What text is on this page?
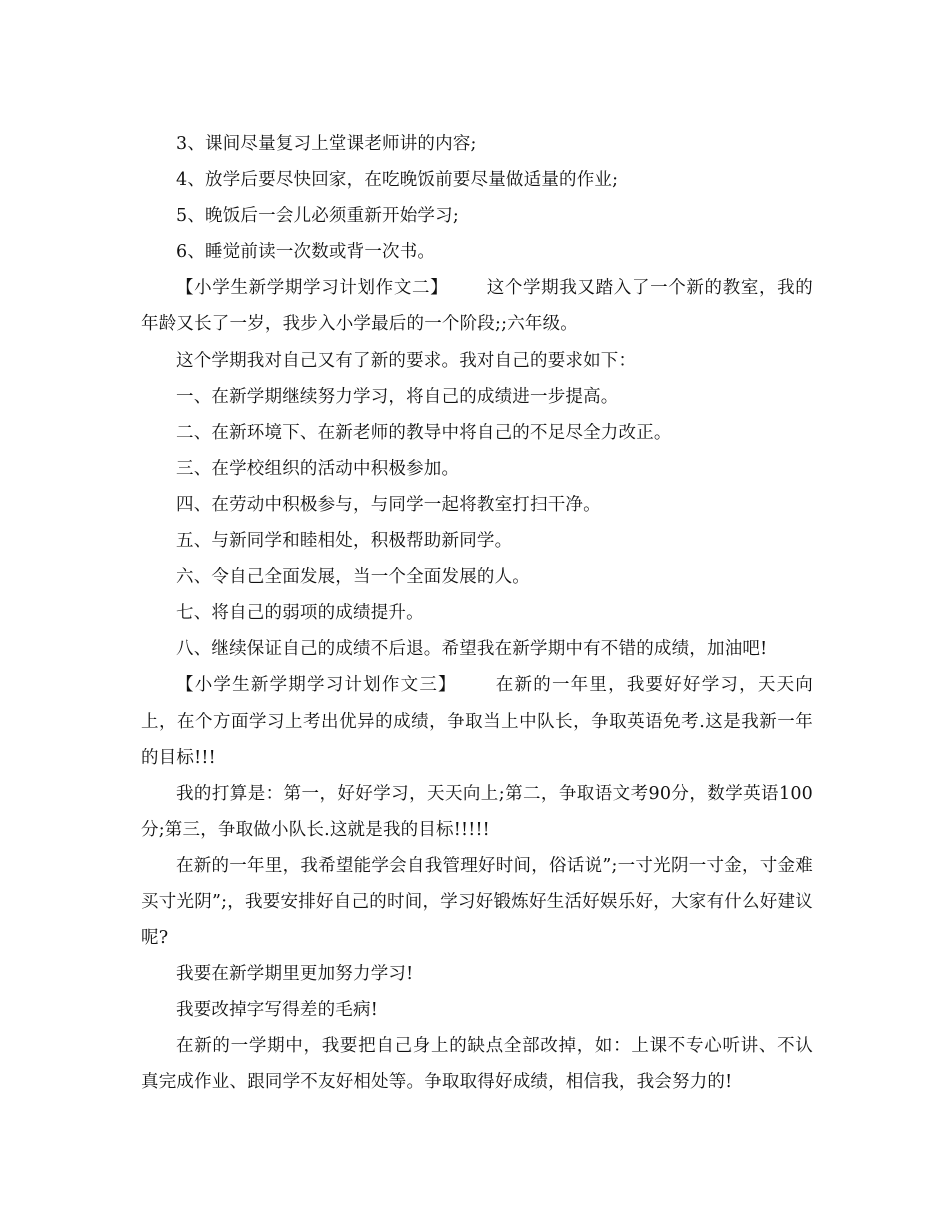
3、课间尽量复习上堂课老师讲的内容;

4、放学后要尽快回家，在吃晚饭前要尽量做适量的作业;

5、晚饭后一会儿必须重新开始学习;

6、睡觉前读一次数或背一次书。

【小学生新学期学习计划作文二】 这个学期我又踏入了一个新的教室，我的年龄又长了一岁，我步入小学最后的一个阶段;;六年级。

这个学期我对自己又有了新的要求。我对自己的要求如下：

一、在新学期继续努力学习，将自己的成绩进一步提高。

二、在新环境下、在新老师的教导中将自己的不足尽全力改正。

三、在学校组织的活动中积极参加。

四、在劳动中积极参与，与同学一起将教室打扫干净。

五、与新同学和睦相处，积极帮助新同学。

六、令自己全面发展，当一个全面发展的人。

七、将自己的弱项的成绩提升。

八、继续保证自己的成绩不后退。希望我在新学期中有不错的成绩，加油吧!

【小学生新学期学习计划作文三】 在新的一年里，我要好好学习，天天向上，在个方面学习上考出优异的成绩，争取当上中队长，争取英语免考.这是我新一年的目标!!!

我的打算是：第一，好好学习，天天向上;第二，争取语文考90分，数学英语100分;第三，争取做小队长.这就是我的目标!!!!!

在新的一年里，我希望能学会自我管理好时间，俗话说”;一寸光阴一寸金，寸金难买寸光阴”;，我要安排好自己的时间，学习好锻炼好生活好娱乐好，大家有什么好建议呢?

我要在新学期里更加努力学习!

我要改掉字写得差的毛病!

在新的一学期中，我要把自己身上的缺点全部改掉，如：上课不专心听讲、不认真完成作业、跟同学不友好相处等。争取取得好成绩，相信我，我会努力的!
